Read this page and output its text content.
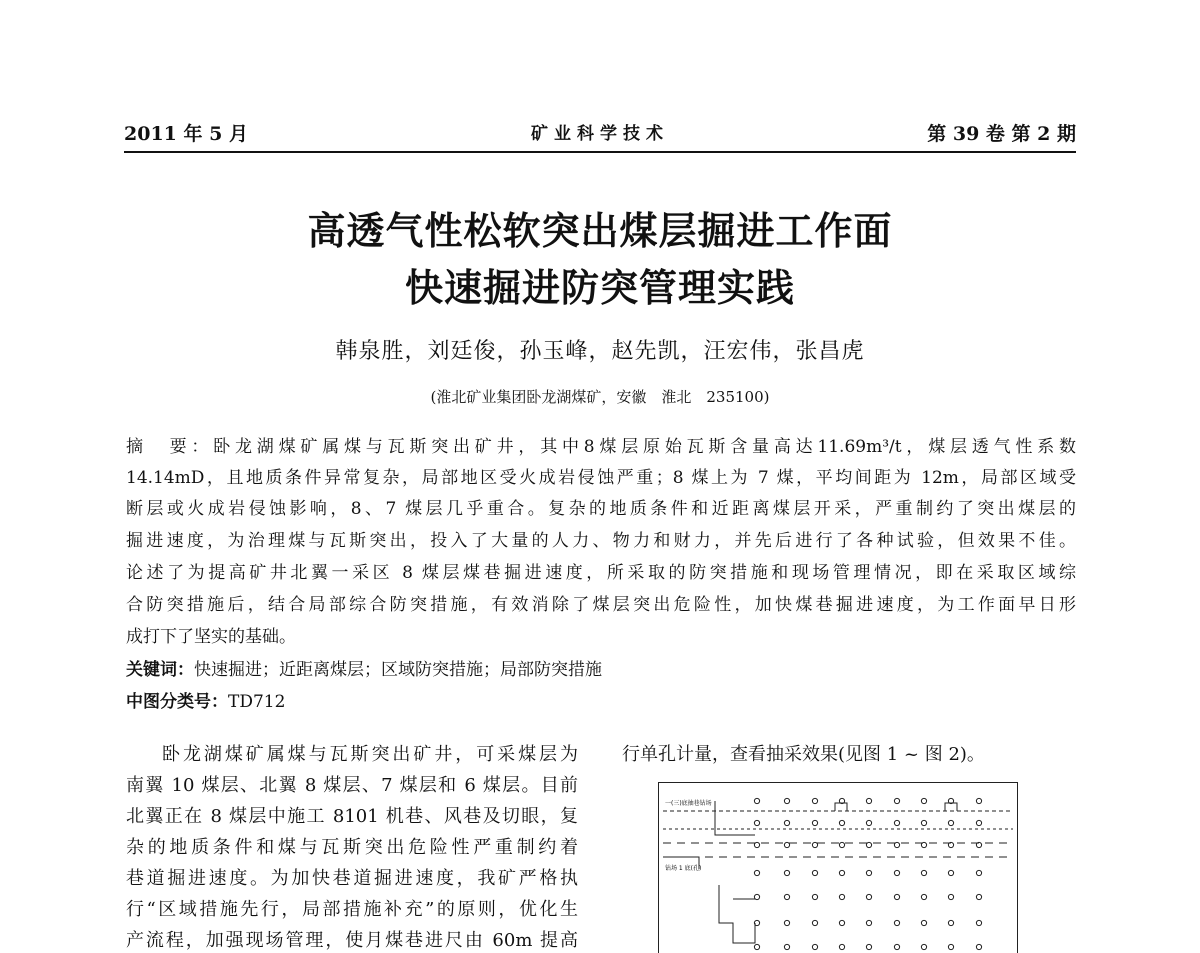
2011 年 5 月	矿业科学技术	第 39 卷 第 2 期
高透气性松软突出煤层掘进工作面
快速掘进防突管理实践
韩泉胜，刘廷俊，孙玉峰，赵先凯，汪宏伟，张昌虎
(淮北矿业集团卧龙湖煤矿，安徽　淮北　235100)
摘　要：卧龙湖煤矿属煤与瓦斯突出矿井，其中8煤层原始瓦斯含量高达11.69m³/t，煤层透气性系数
14.14mD，且地质条件异常复杂，局部地区受火成岩侵蚀严重；8 煤上为 7 煤，平均间距为 12m，局部区域受
断层或火成岩侵蚀影响，8、7 煤层几乎重合。复杂的地质条件和近距离煤层开采，严重制约了突出煤层的
掘进速度，为治理煤与瓦斯突出，投入了大量的人力、物力和财力，并先后进行了各种试验，但效果不佳。
论述了为提高矿井北翼一采区 8 煤层煤巷掘进速度，所采取的防突措施和现场管理情况，即在采取区域综
合防突措施后，结合局部综合防突措施，有效消除了煤层突出危险性，加快煤巷掘进速度，为工作面早日形
成打下了坚实的基础。
关键词：快速掘进；近距离煤层；区域防突措施；局部防突措施
中图分类号：TD712
卧龙湖煤矿属煤与瓦斯突出矿井，可采煤层为
南翼 10 煤层、北翼 8 煤层、7 煤层和 6 煤层。目前
北翼正在 8 煤层中施工 8101 机巷、风巷及切眼，复
杂的地质条件和煤与瓦斯突出危险性严重制约着
巷道掘进速度。为加快巷道掘进速度，我矿严格执
行“区域措施先行，局部措施补充”的原则，优化生
产流程，加强现场管理，使月煤巷进尺由 60m 提高
行单孔计量，查看抽采效果(见图 1 ~ 图 2)。
一(三)底抽巷钻场
钻场 1 底(孔)
